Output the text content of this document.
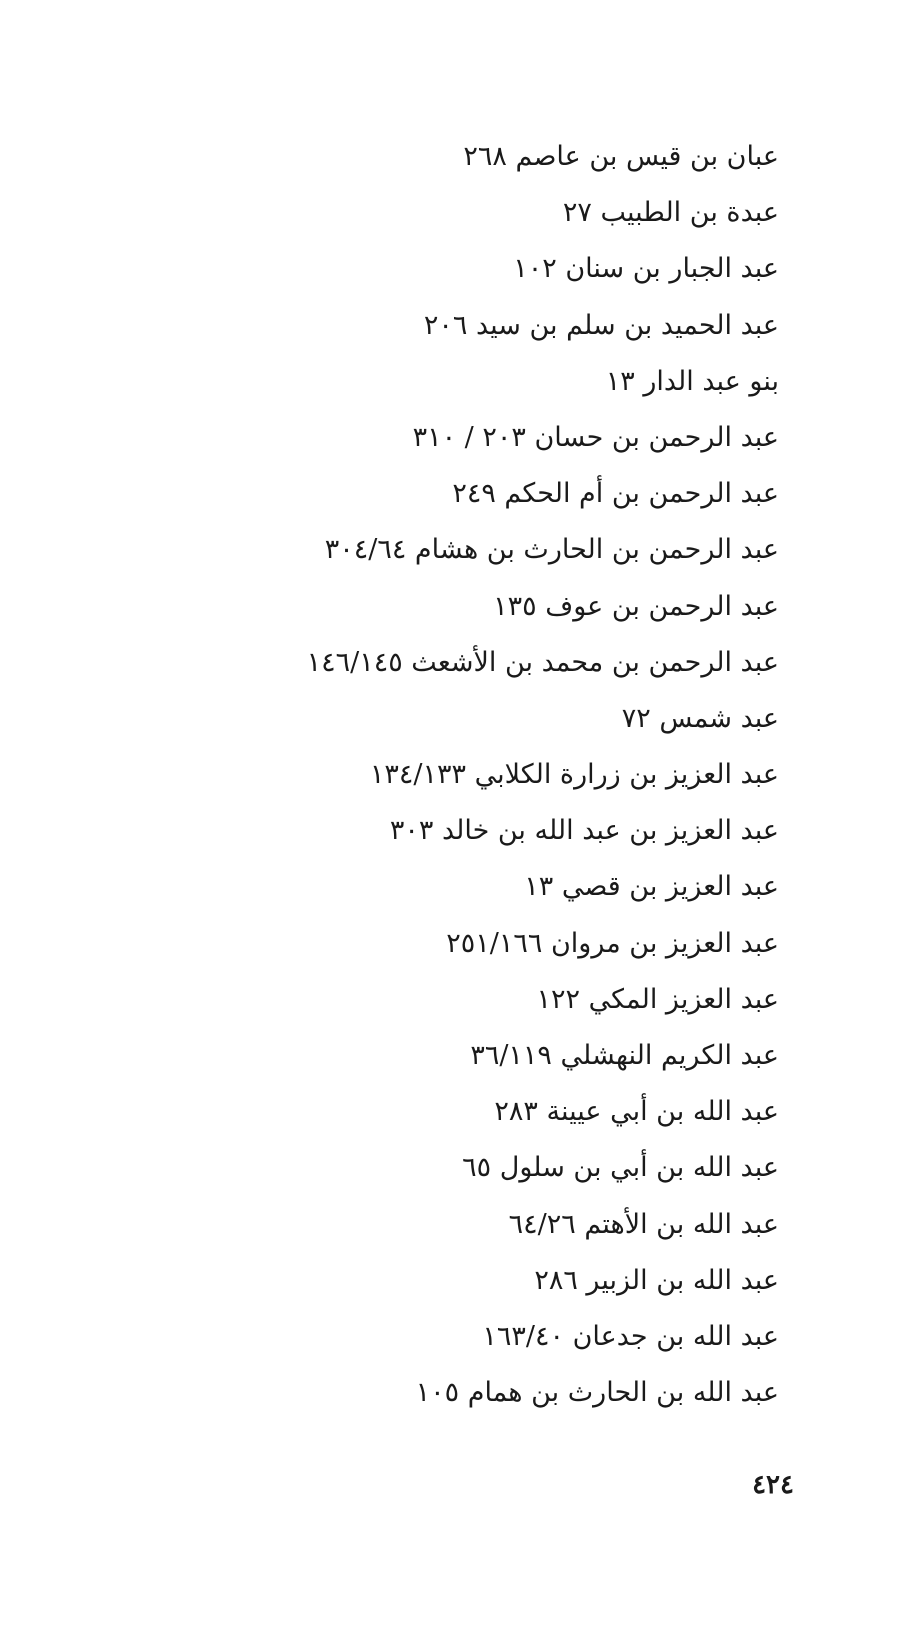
عبان بن قيس بن عاصم ٢٦٨
عبدة بن الطبيب ٢٧
عبد الجبار بن سنان ١٠٢
عبد الحميد بن سلم بن سيد ٢٠٦
بنو عبد الدار ١٣
عبد الرحمن بن حسان ٢٠٣ / ٣١٠
عبد الرحمن بن أم الحكم ٢٤٩
عبد الرحمن بن الحارث بن هشام ٣٠٤/٦٤
عبد الرحمن بن عوف ١٣٥
عبد الرحمن بن محمد بن الأشعث ١٤٦/١٤٥
عبد شمس ٧٢
عبد العزيز بن زرارة الكلابي ١٣٤/١٣٣
عبد العزيز بن عبد الله بن خالد ٣٠٣
عبد العزيز بن قصي ١٣
عبد العزيز بن مروان ٢٥١/١٦٦
عبد العزيز المكي ١٢٢
عبد الكريم النهشلي ٣٦/١١٩
عبد الله بن أبي عيينة ٢٨٣
عبد الله بن أبي بن سلول ٦٥
عبد الله بن الأهتم ٦٤/٢٦
عبد الله بن الزبير ٢٨٦
عبد الله بن جدعان ١٦٣/٤٠
عبد الله بن الحارث بن همام ١٠٥
٤٢٤
